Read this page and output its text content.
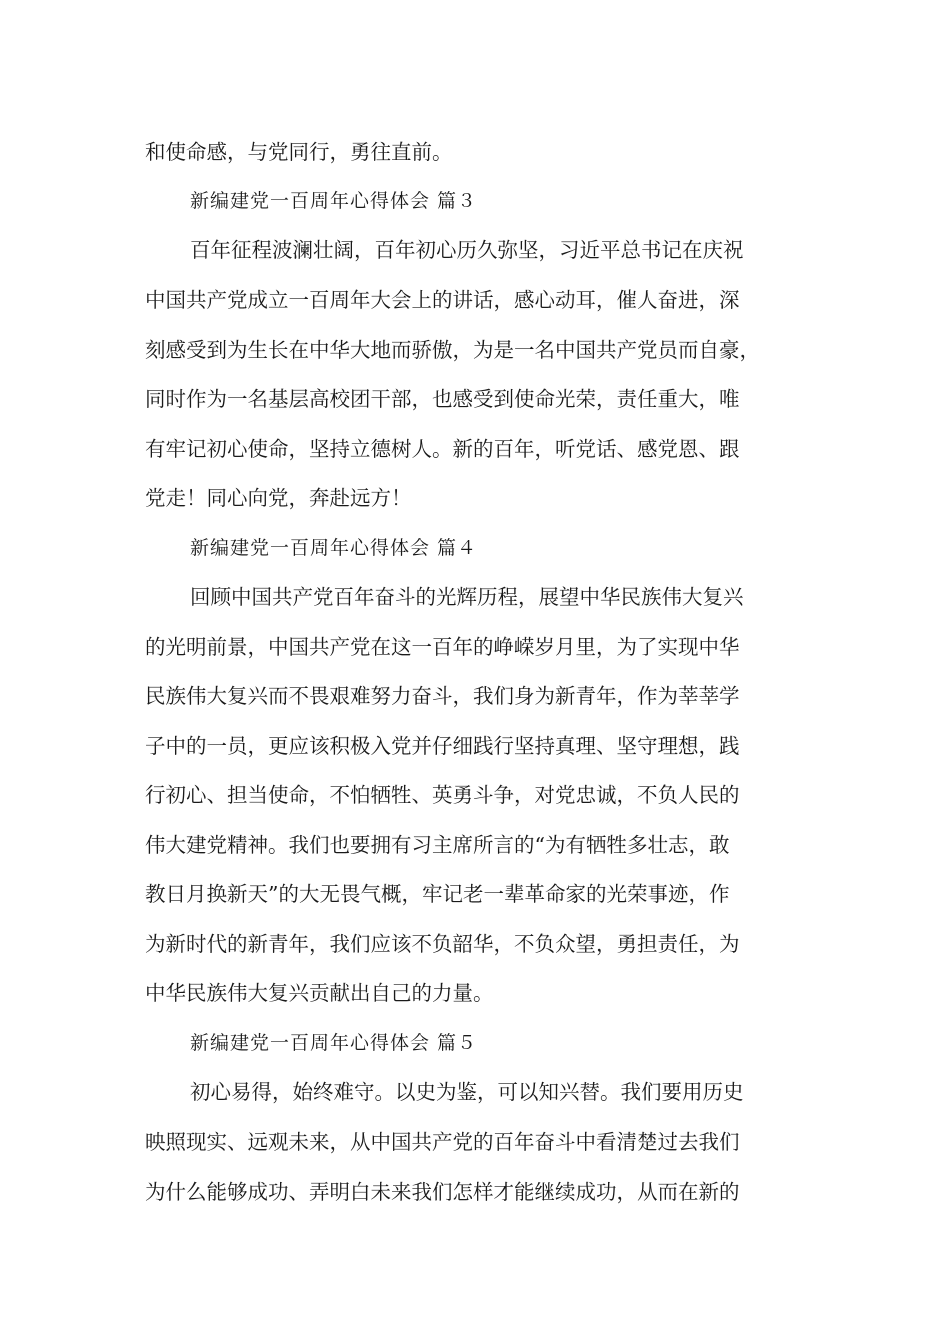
和使命感，与党同行，勇往直前。
新编建党一百周年心得体会 篇３
百年征程波澜壮阔，百年初心历久弥坚，习近平总书记在庆祝
中国共产党成立一百周年大会上的讲话，感心动耳，催人奋进，深
刻感受到为生长在中华大地而骄傲，为是一名中国共产党员而自豪，
同时作为一名基层高校团干部，也感受到使命光荣，责任重大，唯
有牢记初心使命，坚持立德树人。新的百年，听党话、感党恩、跟
党走！同心向党，奔赴远方！
新编建党一百周年心得体会 篇４
回顾中国共产党百年奋斗的光辉历程，展望中华民族伟大复兴
的光明前景，中国共产党在这一百年的峥嵘岁月里，为了实现中华
民族伟大复兴而不畏艰难努力奋斗，我们身为新青年，作为莘莘学
子中的一员，更应该积极入党并仔细践行坚持真理、坚守理想，践
行初心、担当使命，不怕牺牲、英勇斗争，对党忠诚，不负人民的
伟大建党精神。我们也要拥有习主席所言的“为有牺牲多壮志，敢
教日月换新天”的大无畏气概，牢记老一辈革命家的光荣事迹，作
为新时代的新青年，我们应该不负韶华，不负众望，勇担责任，为
中华民族伟大复兴贡献出自己的力量。
新编建党一百周年心得体会 篇５
初心易得，始终难守。以史为鉴，可以知兴替。我们要用历史
映照现实、远观未来，从中国共产党的百年奋斗中看清楚过去我们
为什么能够成功、弄明白未来我们怎样才能继续成功，从而在新的
